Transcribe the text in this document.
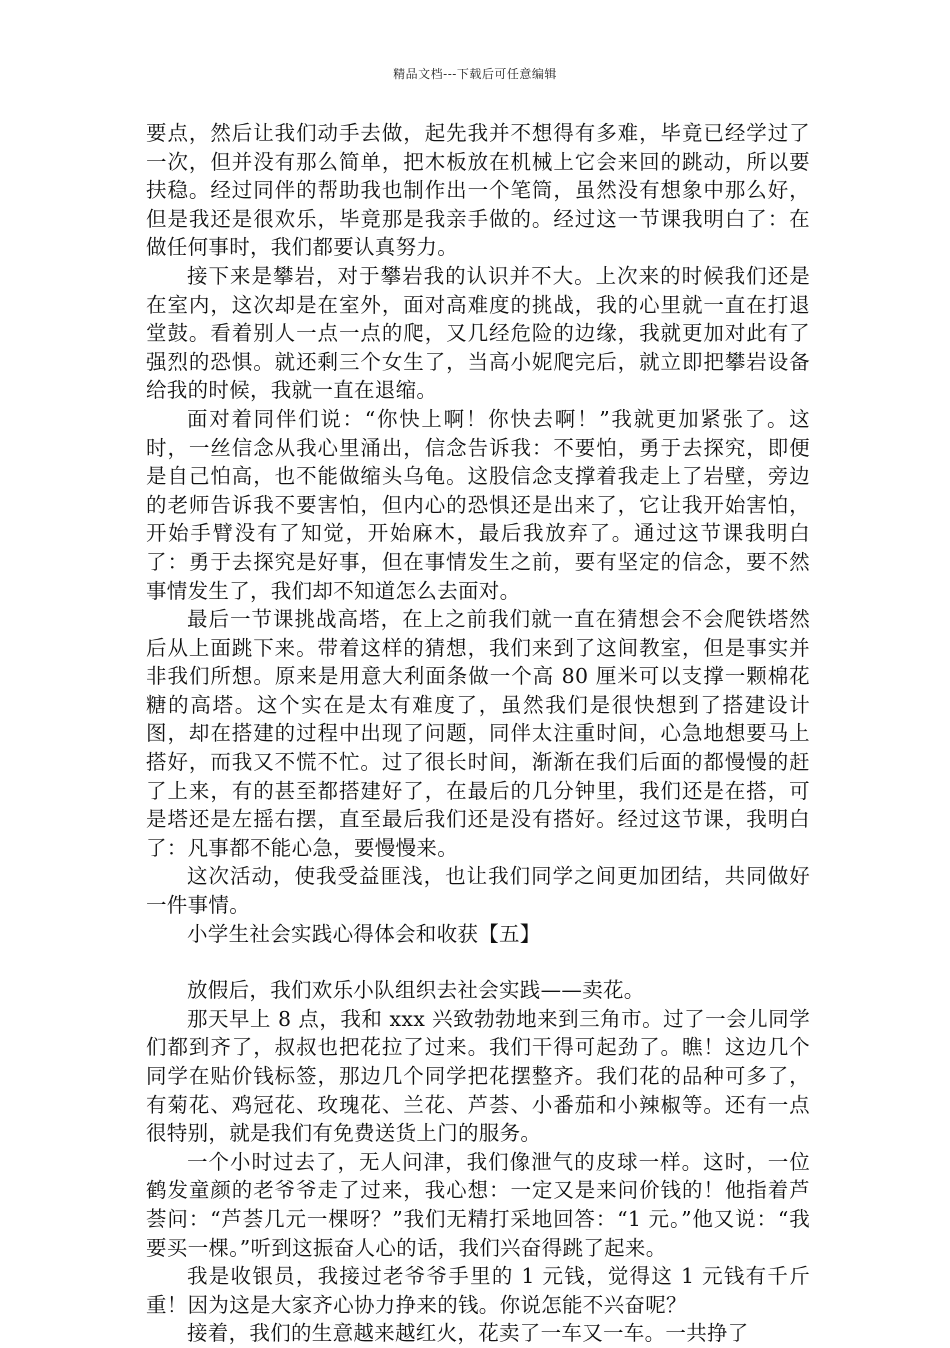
精品文档---下载后可任意编辑

要点，然后让我们动手去做，起先我并不想得有多难，毕竟已经学过了一次，但并没有那么简单，把木板放在机械上它会来回的跳动，所以要扶稳。经过同伴的帮助我也制作出一个笔筒，虽然没有想象中那么好，但是我还是很欢乐，毕竟那是我亲手做的。经过这一节课我明白了：在做任何事时，我们都要认真努力。

接下来是攀岩，对于攀岩我的认识并不大。上次来的时候我们还是在室内，这次却是在室外，面对高难度的挑战，我的心里就一直在打退堂鼓。看着别人一点一点的爬，又几经危险的边缘，我就更加对此有了强烈的恐惧。就还剩三个女生了，当高小妮爬完后，就立即把攀岩设备给我的时候，我就一直在退缩。

面对着同伴们说：“你快上啊！你快去啊！”我就更加紧张了。这时，一丝信念从我心里涌出，信念告诉我：不要怕，勇于去探究，即便是自己怕高，也不能做缩头乌龟。这股信念支撑着我走上了岩壁，旁边的老师告诉我不要害怕，但内心的恐惧还是出来了，它让我开始害怕，开始手臂没有了知觉，开始麻木，最后我放弃了。通过这节课我明白了：勇于去探究是好事，但在事情发生之前，要有坚定的信念，要不然事情发生了，我们却不知道怎么去面对。

最后一节课挑战高塔，在上之前我们就一直在猜想会不会爬铁塔然后从上面跳下来。带着这样的猜想，我们来到了这间教室，但是事实并非我们所想。原来是用意大利面条做一个高 80 厘米可以支撑一颗棉花糖的高塔。这个实在是太有难度了，虽然我们是很快想到了搭建设计图，却在搭建的过程中出现了问题，同伴太注重时间，心急地想要马上搭好，而我又不慌不忙。过了很长时间，渐渐在我们后面的都慢慢的赶了上来，有的甚至都搭建好了，在最后的几分钟里，我们还是在搭，可是塔还是左摇右摆，直至最后我们还是没有搭好。经过这节课，我明白了：凡事都不能心急，要慢慢来。

这次活动，使我受益匪浅，也让我们同学之间更加团结，共同做好一件事情。

小学生社会实践心得体会和收获【五】

放假后，我们欢乐小队组织去社会实践——卖花。

那天早上 8 点，我和 xxx 兴致勃勃地来到三角市。过了一会儿同学们都到齐了，叔叔也把花拉了过来。我们干得可起劲了。瞧！这边几个同学在贴价钱标签，那边几个同学把花摆整齐。我们花的品种可多了，有菊花、鸡冠花、玫瑰花、兰花、芦荟、小番茄和小辣椒等。还有一点很特别，就是我们有免费送货上门的服务。

一个小时过去了，无人问津，我们像泄气的皮球一样。这时，一位鹤发童颜的老爷爷走了过来，我心想：一定又是来问价钱的！他指着芦荟问：“芦荟几元一棵呀？”我们无精打采地回答：“1 元。”他又说：“我要买一棵。”听到这振奋人心的话，我们兴奋得跳了起来。

我是收银员，我接过老爷爷手里的 1 元钱，觉得这 1 元钱有千斤重！因为这是大家齐心协力挣来的钱。你说怎能不兴奋呢？

接着，我们的生意越来越红火，花卖了一车又一车。一共挣了
